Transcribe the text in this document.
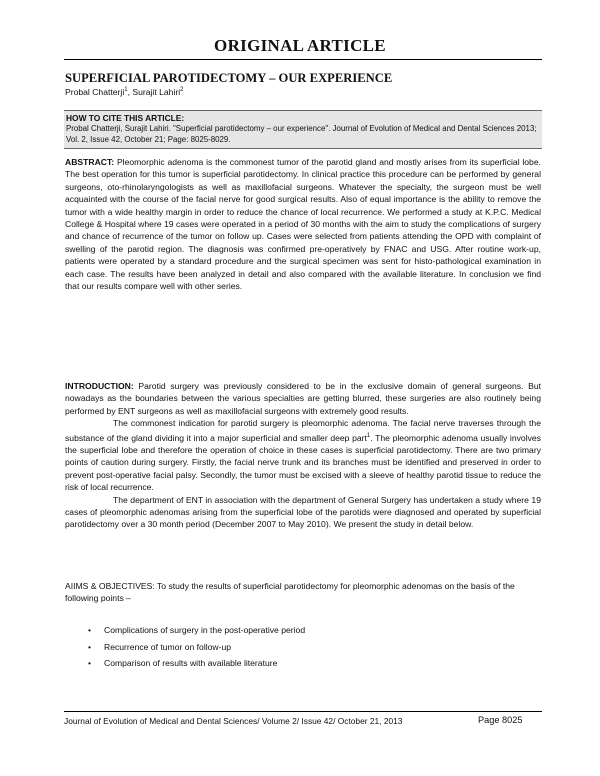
ORIGINAL ARTICLE
SUPERFICIAL PAROTIDECTOMY – OUR EXPERIENCE
Probal Chatterji$^1$, Surajit Lahiri$^2$
HOW TO CITE THIS ARTICLE:
Probal Chatterji, Surajit Lahiri. "Superficial parotidectomy – our experience". Journal of Evolution of Medical and Dental Sciences 2013; Vol. 2, Issue 42, October 21; Page: 8025-8029.
ABSTRACT: Pleomorphic adenoma is the commonest tumor of the parotid gland and mostly arises from its superficial lobe. The best operation for this tumor is superficial parotidectomy. In clinical practice this procedure can be performed by general surgeons, oto-rhinolaryngologists as well as maxillofacial surgeons. Whatever the specialty, the surgeon must be well acquainted with the course of the facial nerve for good surgical results. Also of equal importance is the ability to remove the tumor with a wide healthy margin in order to reduce the chance of local recurrence. We performed a study at K.P.C. Medical College & Hospital where 19 cases were operated in a period of 30 months with the aim to study the complications of surgery and chance of recurrence of the tumor on follow up. Cases were selected from patients attending the OPD with complaint of swelling of the parotid region. The diagnosis was confirmed pre-operatively by FNAC and USG. After routine work-up, patients were operated by a standard procedure and the surgical specimen was sent for histo-pathological examination in each case. The results have been analyzed in detail and also compared with the available literature. In conclusion we find that our results compare well with other series.
INTRODUCTION: Parotid surgery was previously considered to be in the exclusive domain of general surgeons. But nowadays as the boundaries between the various specialties are getting blurred, these surgeries are also routinely being performed by ENT surgeons as well as maxillofacial surgeons with extremely good results.
The commonest indication for parotid surgery is pleomorphic adenoma. The facial nerve traverses through the substance of the gland dividing it into a major superficial and smaller deep part$^1$. The pleomorphic adenoma usually involves the superficial lobe and therefore the operation of choice in these cases is superficial parotidectomy. There are two primary points of caution during surgery. Firstly, the facial nerve trunk and its branches must be identified and preserved in order to prevent post-operative facial palsy. Secondly, the tumor must be excised with a sleeve of healthy parotid tissue to reduce the risk of local recurrence.
The department of ENT in association with the department of General Surgery has undertaken a study where 19 cases of pleomorphic adenomas arising from the superficial lobe of the parotids were diagnosed and operated by superficial parotidectomy over a 30 month period (December 2007 to May 2010). We present the study in detail below.
AIIMS & OBJECTIVES: To study the results of superficial parotidectomy for pleomorphic adenomas on the basis of the following points –
• Complications of surgery in the post-operative period
• Recurrence of tumor on follow-up
• Comparison of results with available literature
Journal of Evolution of Medical and Dental Sciences/ Volume 2/ Issue 42/ October 21, 2013	Page 8025
